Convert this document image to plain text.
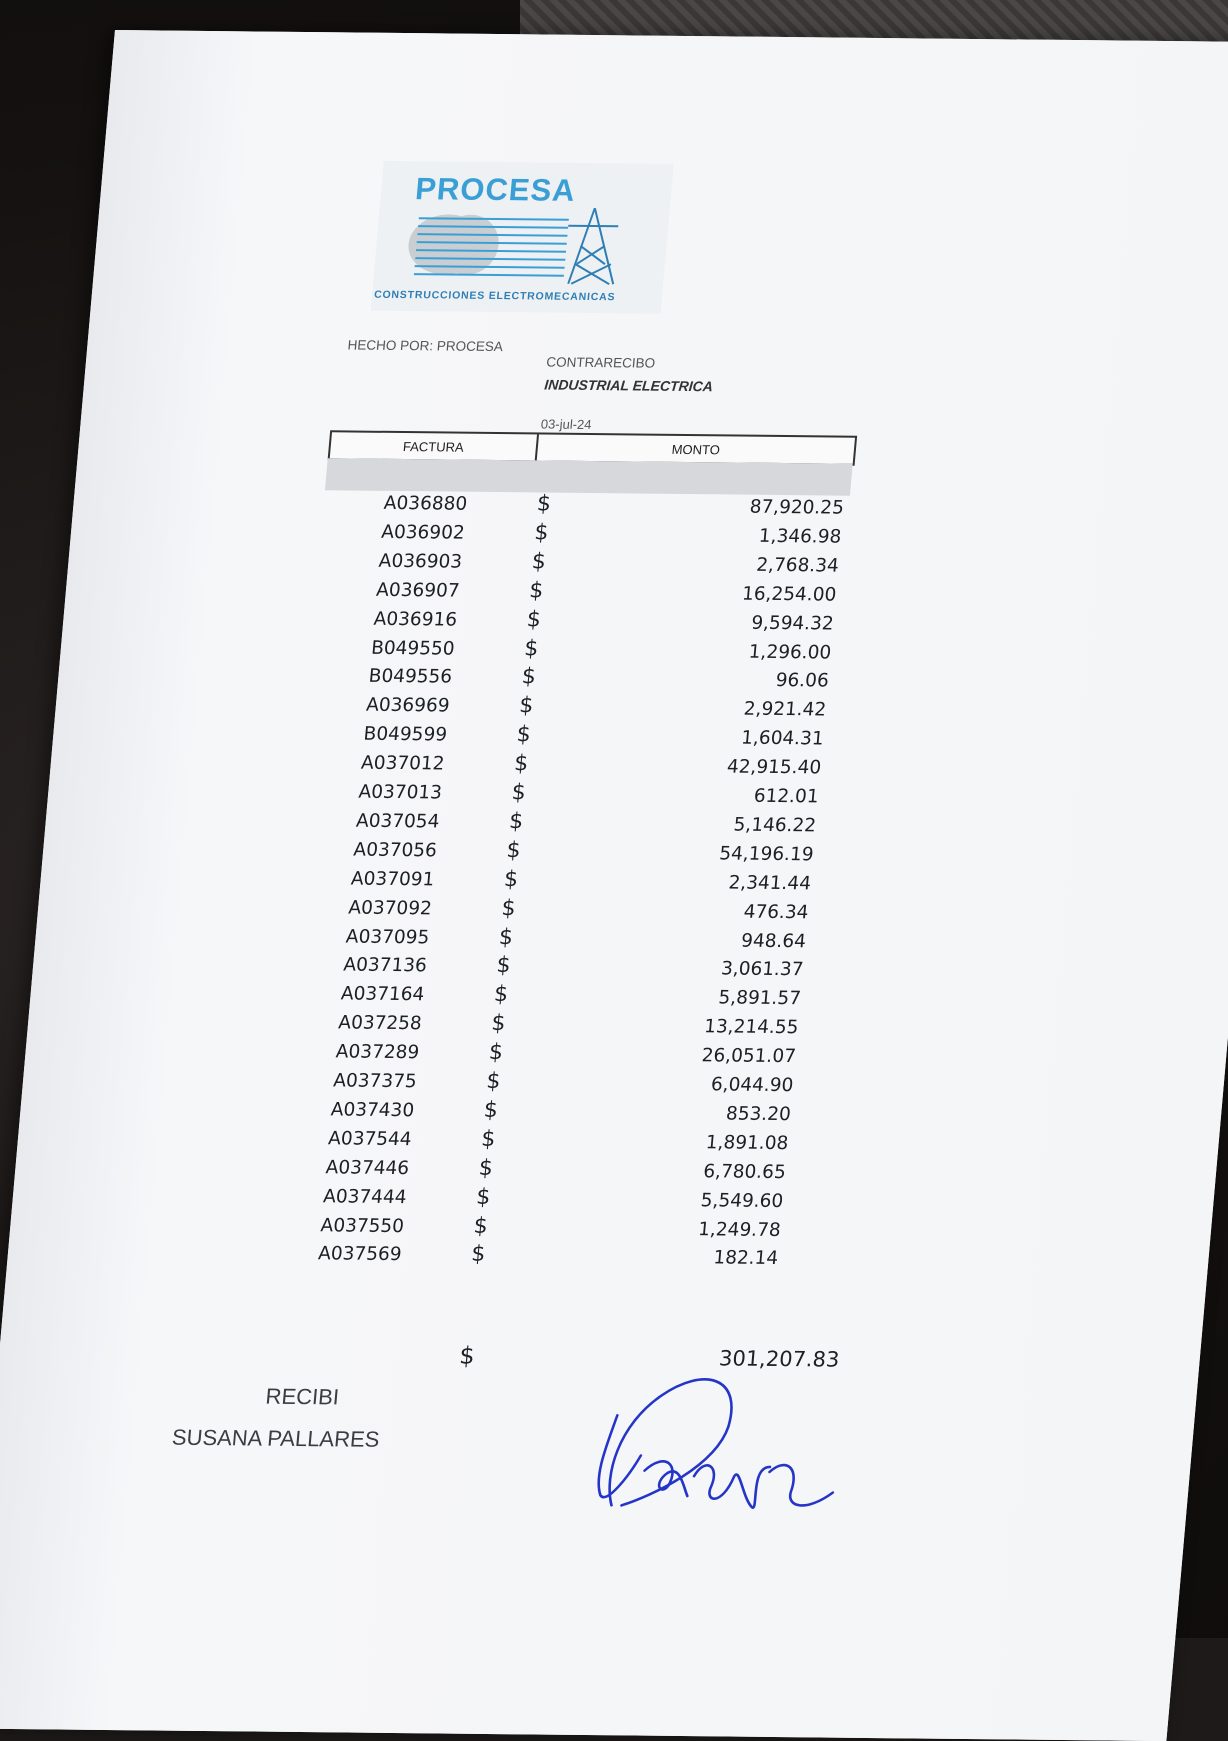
PROCESA
CONSTRUCCIONES ELECTROMECANICAS
HECHO POR: PROCESA
CONTRARECIBO
INDUSTRIAL ELECTRICA
03-jul-24
FACTURA	MONTO
A036880	$	87,920.25
A036902	$	1,346.98
A036903	$	2,768.34
A036907	$	16,254.00
A036916	$	9,594.32
B049550	$	1,296.00
B049556	$	96.06
A036969	$	2,921.42
B049599	$	1,604.31
A037012	$	42,915.40
A037013	$	612.01
A037054	$	5,146.22
A037056	$	54,196.19
A037091	$	2,341.44
A037092	$	476.34
A037095	$	948.64
A037136	$	3,061.37
A037164	$	5,891.57
A037258	$	13,214.55
A037289	$	26,051.07
A037375	$	6,044.90
A037430	$	853.20
A037544	$	1,891.08
A037446	$	6,780.65
A037444	$	5,549.60
A037550	$	1,249.78
A037569	$	182.14
$	301,207.83
RECIBI
SUSANA PALLARES
